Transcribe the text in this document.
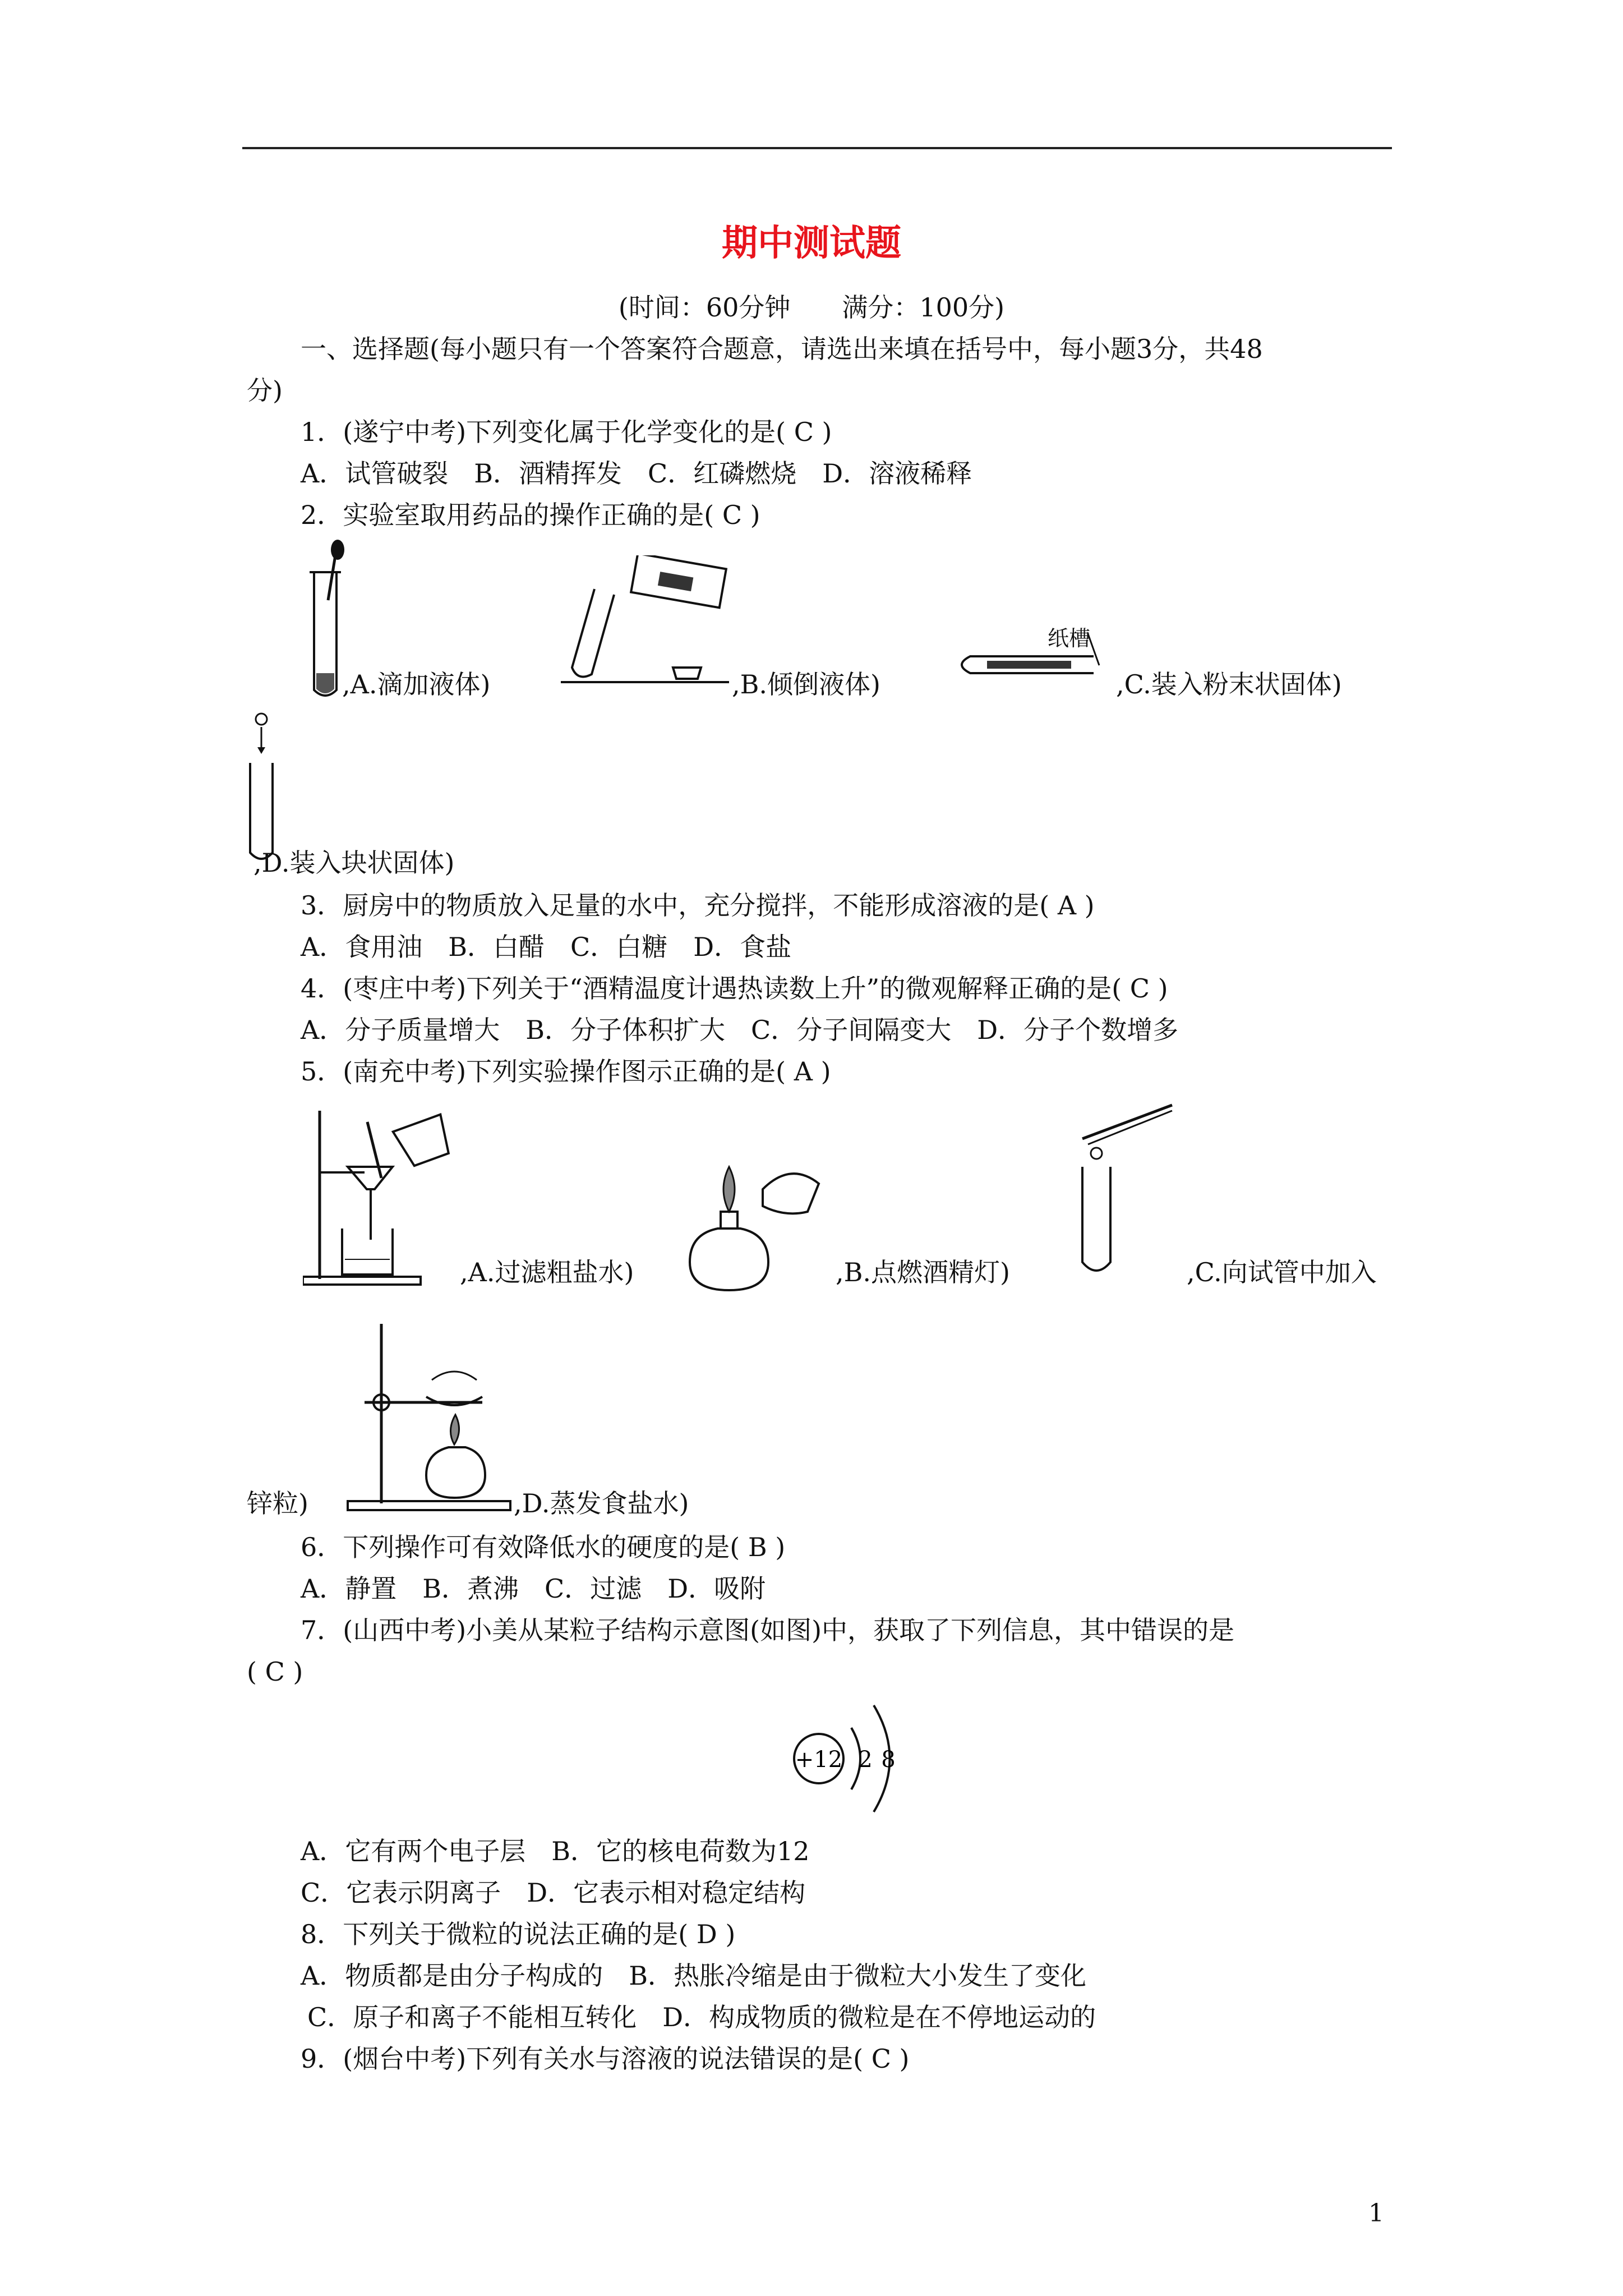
期中测试题
(时间：60分钟　　满分：100分)
一、选择题(每小题只有一个答案符合题意，请选出来填在括号中，每小题3分，共48
分)
1．(遂宁中考)下列变化属于化学变化的是( C )
A．试管破裂　B．酒精挥发　C．红磷燃烧　D．溶液稀释
2．实验室取用药品的操作正确的是( C )
,A.滴加液体)	,B.倾倒液体)
纸槽
,C.装入粉末状固体)
,D.装入块状固体)
3．厨房中的物质放入足量的水中，充分搅拌，不能形成溶液的是( A )
A．食用油　B．白醋　C．白糖　D．食盐
4．(枣庄中考)下列关于“酒精温度计遇热读数上升”的微观解释正确的是( C )
A．分子质量增大　B．分子体积扩大　C．分子间隔变大　D．分子个数增多
5．(南充中考)下列实验操作图示正确的是( A )
,A.过滤粗盐水)	,B.点燃酒精灯)	,C.向试管中加入
锌粒)	,D.蒸发食盐水)
6．下列操作可有效降低水的硬度的是( B )
A．静置　B．煮沸　C．过滤　D．吸附
7．(山西中考)小美从某粒子结构示意图(如图)中，获取了下列信息，其中错误的是
( C )
+12 2 8
A．它有两个电子层　B．它的核电荷数为12
C．它表示阴离子　D．它表示相对稳定结构
8．下列关于微粒的说法正确的是( D )
A．物质都是由分子构成的　B．热胀冷缩是由于微粒大小发生了变化
C．原子和离子不能相互转化　D．构成物质的微粒是在不停地运动的
9．(烟台中考)下列有关水与溶液的说法错误的是( C )
1
